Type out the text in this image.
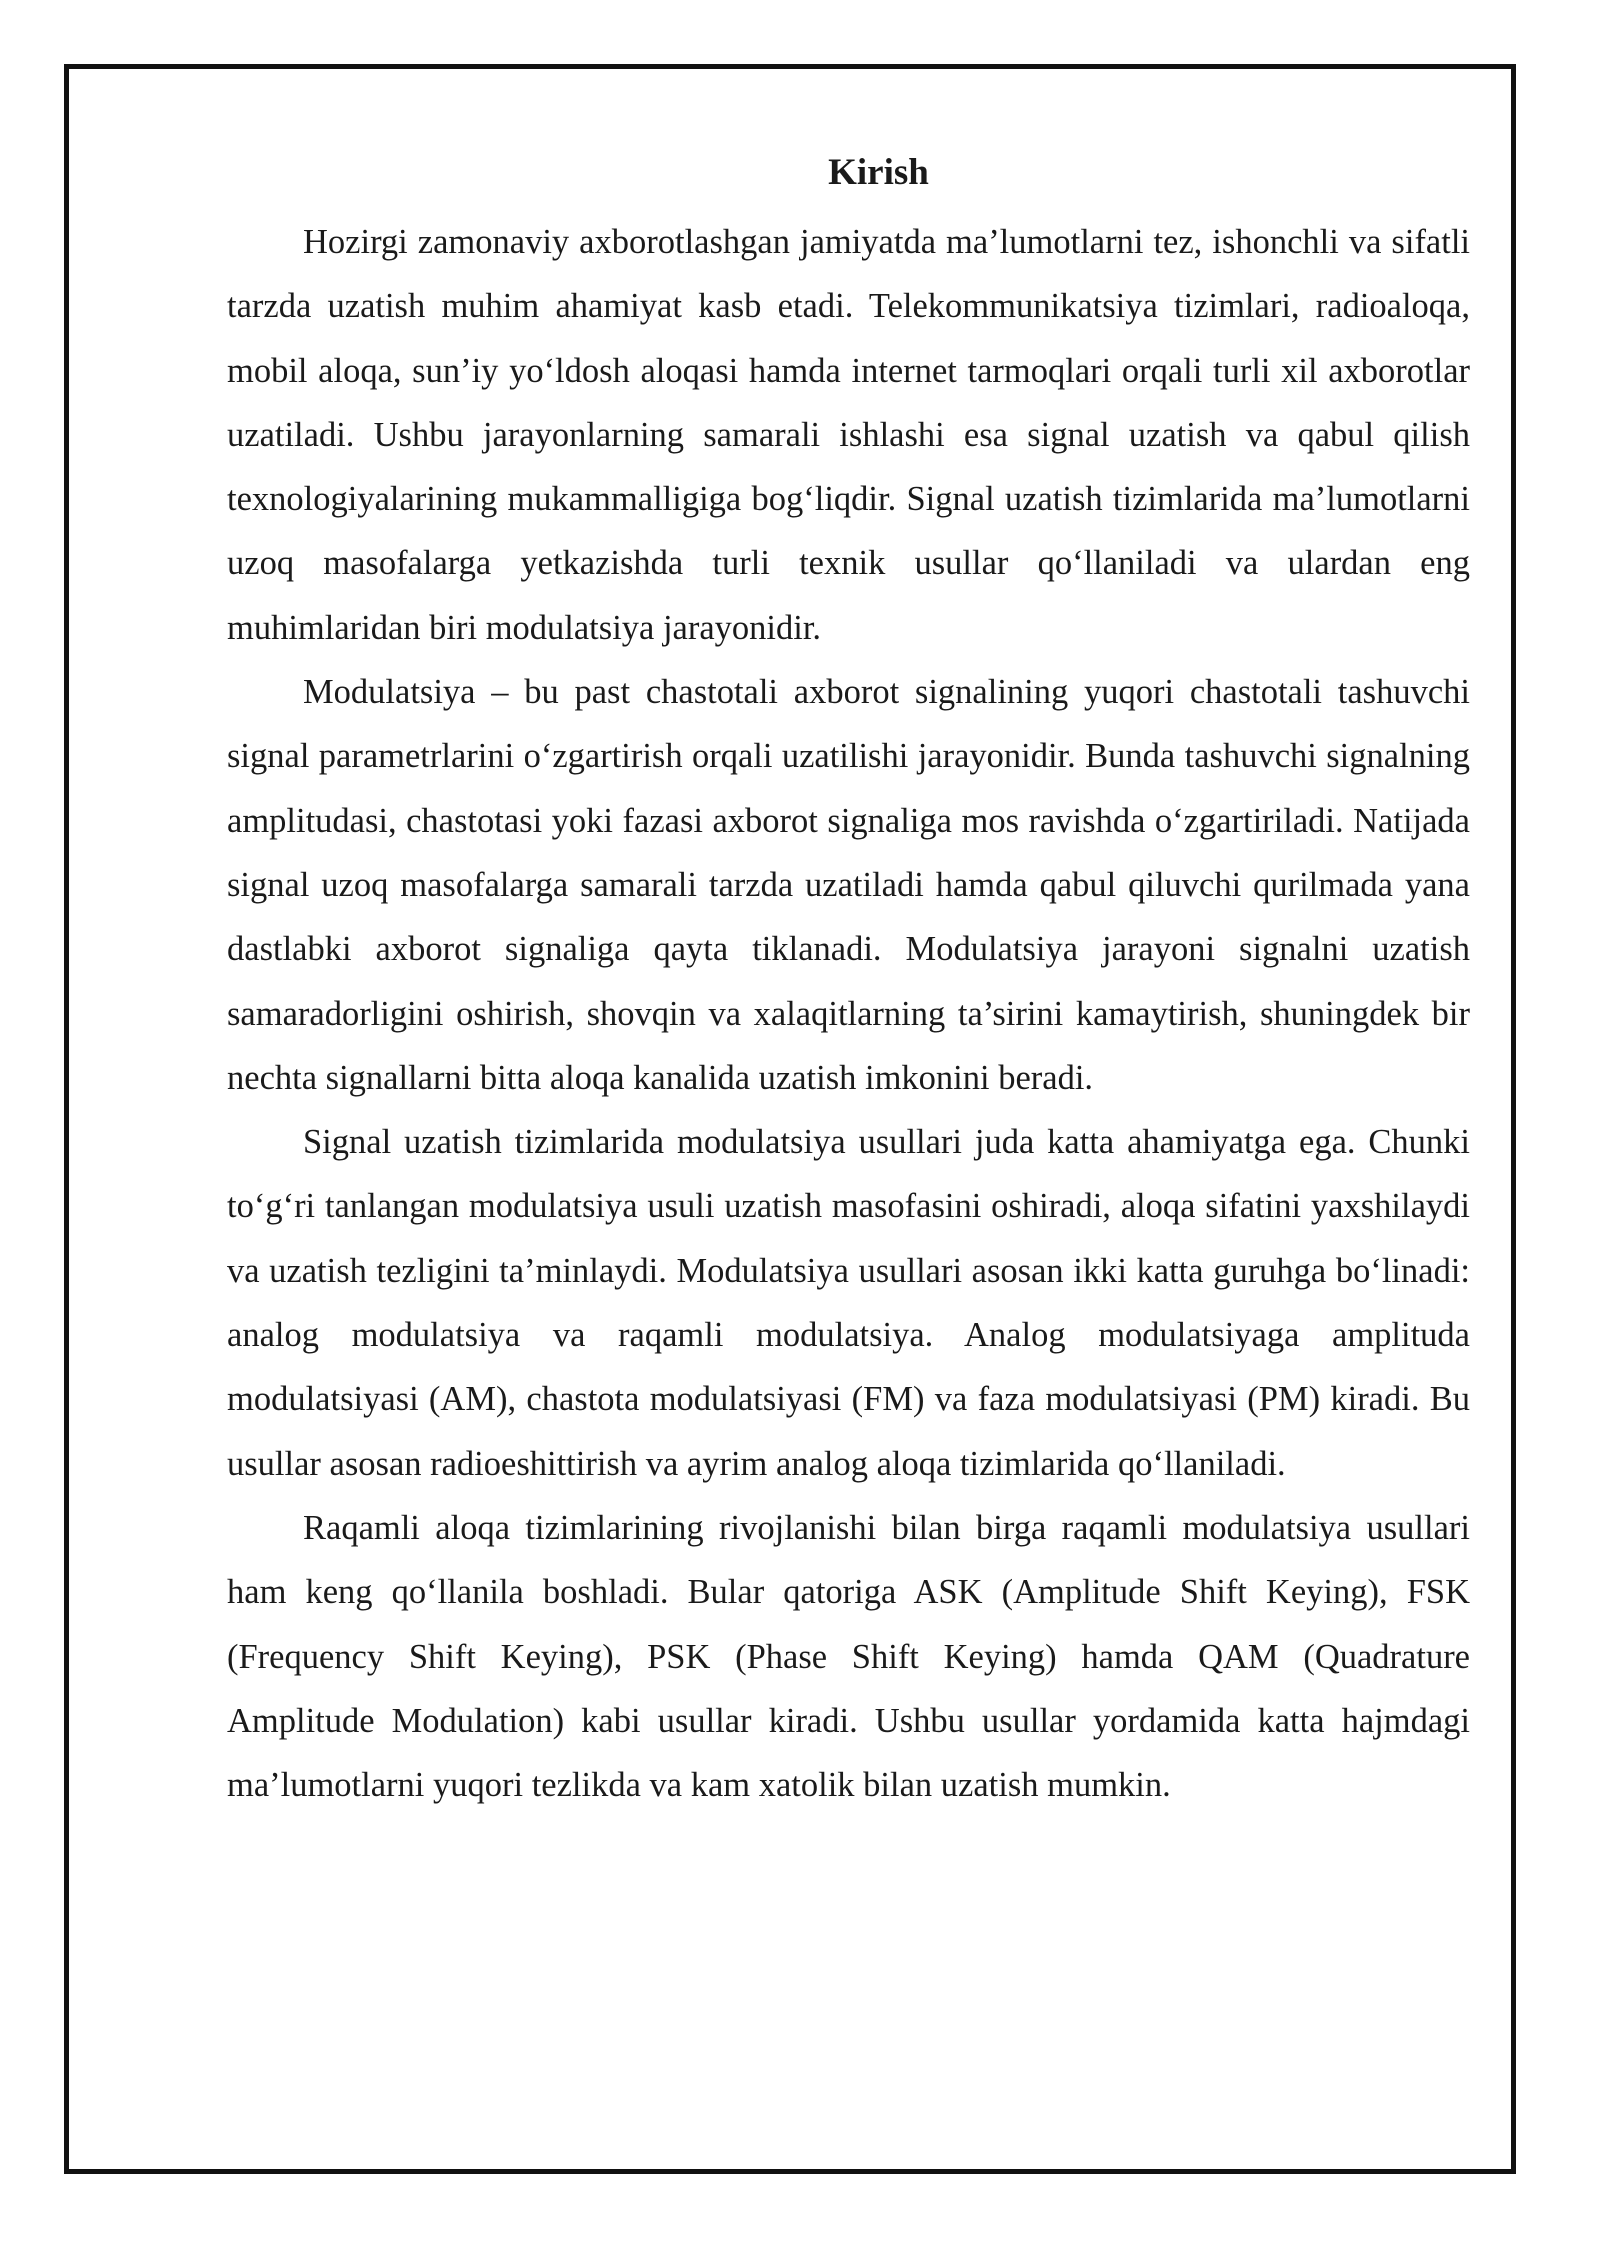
Kirish

Hozirgi zamonaviy axborotlashgan jamiyatda ma’lumotlarni tez, ishonchli va sifatli tarzda uzatish muhim ahamiyat kasb etadi. Telekommunikatsiya tizimlari, radioaloqa, mobil aloqa, sun’iy yo‘ldosh aloqasi hamda internet tarmoqlari orqali turli xil axborotlar uzatiladi. Ushbu jarayonlarning samarali ishlashi esa signal uzatish va qabul qilish texnologiyalarining mukammalligiga bog‘liqdir. Signal uzatish tizimlarida ma’lumotlarni uzoq masofalarga yetkazishda turli texnik usullar qo‘llaniladi va ulardan eng muhimlaridan biri modulatsiya jarayonidir.

Modulatsiya – bu past chastotali axborot signalining yuqori chastotali tashuvchi signal parametrlarini o‘zgartirish orqali uzatilishi jarayonidir. Bunda tashuvchi signalning amplitudasi, chastotasi yoki fazasi axborot signaliga mos ravishda o‘zgartiriladi. Natijada signal uzoq masofalarga samarali tarzda uzatiladi hamda qabul qiluvchi qurilmada yana dastlabki axborot signaliga qayta tiklanadi. Modulatsiya jarayoni signalni uzatish samaradorligini oshirish, shovqin va xalaqitlarning ta’sirini kamaytirish, shuningdek bir nechta signallarni bitta aloqa kanalida uzatish imkonini beradi.

Signal uzatish tizimlarida modulatsiya usullari juda katta ahamiyatga ega. Chunki to‘g‘ri tanlangan modulatsiya usuli uzatish masofasini oshiradi, aloqa sifatini yaxshilaydi va uzatish tezligini ta’minlaydi. Modulatsiya usullari asosan ikki katta guruhga bo‘linadi: analog modulatsiya va raqamli modulatsiya. Analog modulatsiyaga amplituda modulatsiyasi (AM), chastota modulatsiyasi (FM) va faza modulatsiyasi (PM) kiradi. Bu usullar asosan radioeshittirish va ayrim analog aloqa tizimlarida qo‘llaniladi.

Raqamli aloqa tizimlarining rivojlanishi bilan birga raqamli modulatsiya usullari ham keng qo‘llanila boshladi. Bular qatoriga ASK (Amplitude Shift Keying), FSK (Frequency Shift Keying), PSK (Phase Shift Keying) hamda QAM (Quadrature Amplitude Modulation) kabi usullar kiradi. Ushbu usullar yordamida katta hajmdagi ma’lumotlarni yuqori tezlikda va kam xatolik bilan uzatish mumkin.
